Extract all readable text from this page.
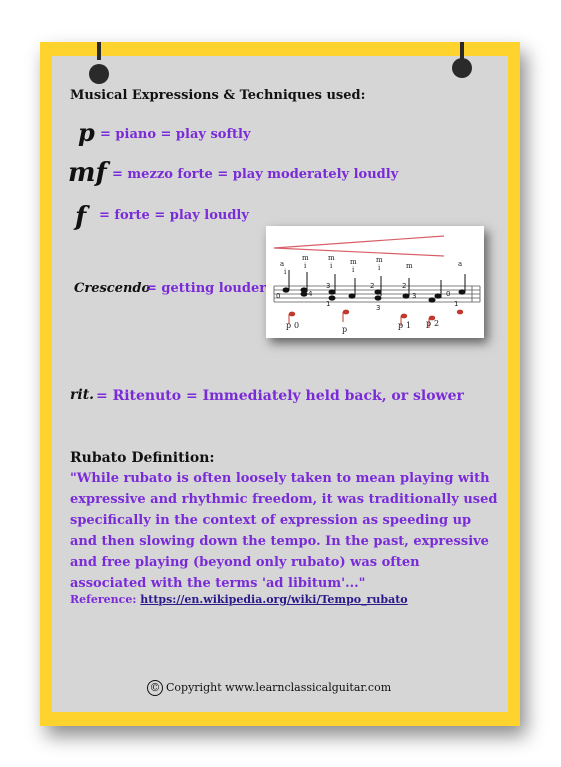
Musical Expressions & Techniques used:
p = piano = play softly
mf = mezzo forte = play moderately loudly
f = forte = play loudly
Crescendo
= getting louder
a
i
m
i
m
i	m
i
m
i	m	a
0	4
3
1
2
3
2
3	0
1
p 0	p	p 1 p 2
rit. = Ritenuto = Immediately held back, or slower
Rubato Definition:
"While rubato is often loosely taken to mean playing with expressive and rhythmic freedom, it was traditionally used specifically in the context of expression as speeding up and then slowing down the tempo. In the past, expressive and free playing (beyond only rubato) was often associated with the terms 'ad libitum'..."
Reference: https://en.wikipedia.org/wiki/Tempo_rubato
© Copyright www.learnclassicalguitar.com
